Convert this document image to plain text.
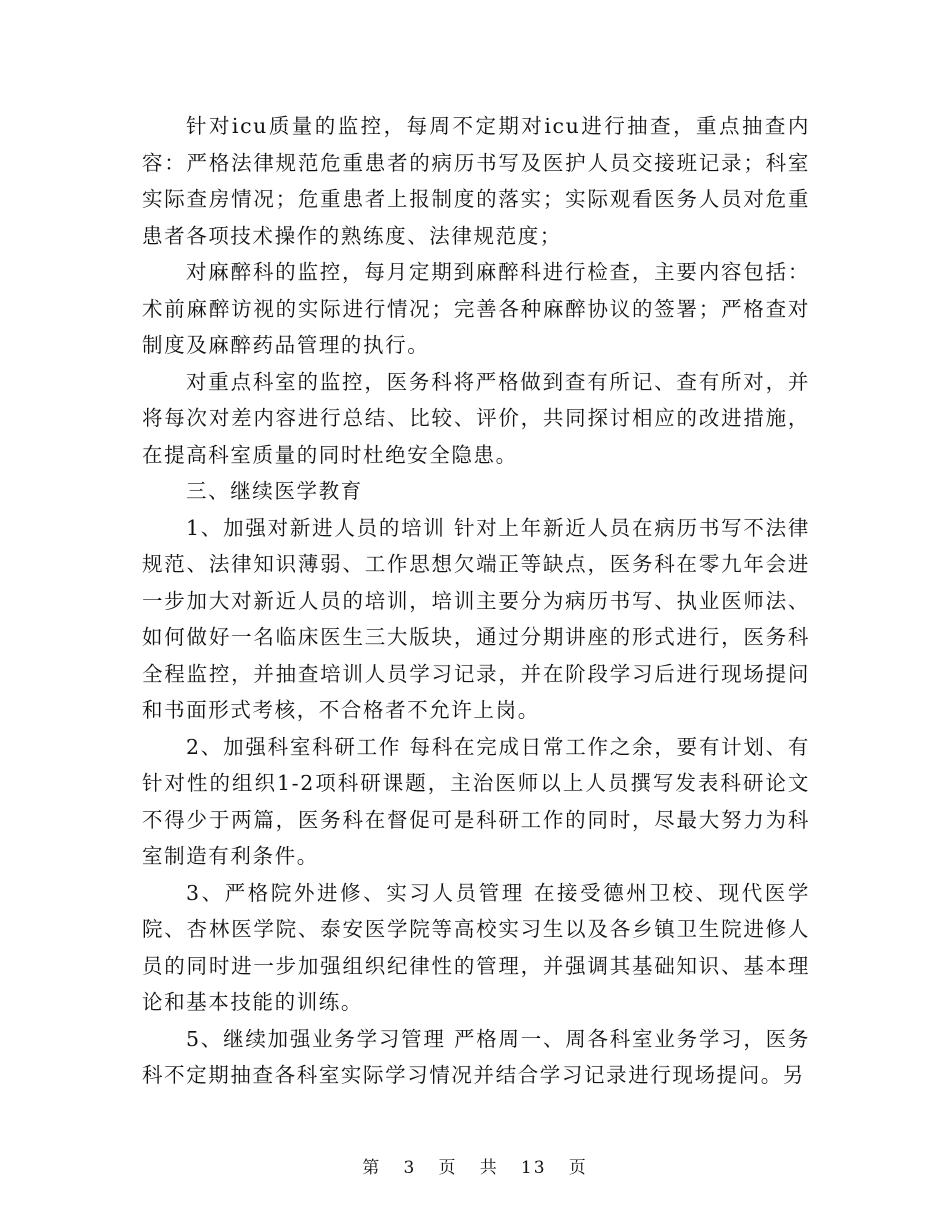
针对icu质量的监控，每周不定期对icu进行抽查，重点抽查内容：严格法律规范危重患者的病历书写及医护人员交接班记录；科室实际查房情况；危重患者上报制度的落实；实际观看医务人员对危重患者各项技术操作的熟练度、法律规范度；

对麻醉科的监控，每月定期到麻醉科进行检查，主要内容包括：术前麻醉访视的实际进行情况；完善各种麻醉协议的签署；严格查对制度及麻醉药品管理的执行。

对重点科室的监控，医务科将严格做到查有所记、查有所对，并将每次对差内容进行总结、比较、评价，共同探讨相应的改进措施，在提高科室质量的同时杜绝安全隐患。

三、继续医学教育

1、加强对新进人员的培训 针对上年新近人员在病历书写不法律规范、法律知识薄弱、工作思想欠端正等缺点，医务科在零九年会进一步加大对新近人员的培训，培训主要分为病历书写、执业医师法、如何做好一名临床医生三大版块，通过分期讲座的形式进行，医务科全程监控，并抽查培训人员学习记录，并在阶段学习后进行现场提问和书面形式考核，不合格者不允许上岗。

2、加强科室科研工作 每科在完成日常工作之余，要有计划、有针对性的组织1-2项科研课题，主治医师以上人员撰写发表科研论文不得少于两篇，医务科在督促可是科研工作的同时，尽最大努力为科室制造有利条件。

3、严格院外进修、实习人员管理 在接受德州卫校、现代医学院、杏林医学院、泰安医学院等高校实习生以及各乡镇卫生院进修人员的同时进一步加强组织纪律性的管理，并强调其基础知识、基本理论和基本技能的训练。

5、继续加强业务学习管理 严格周一、周各科室业务学习，医务科不定期抽查各科室实际学习情况并结合学习记录进行现场提问。另

第 3 页 共 13 页
